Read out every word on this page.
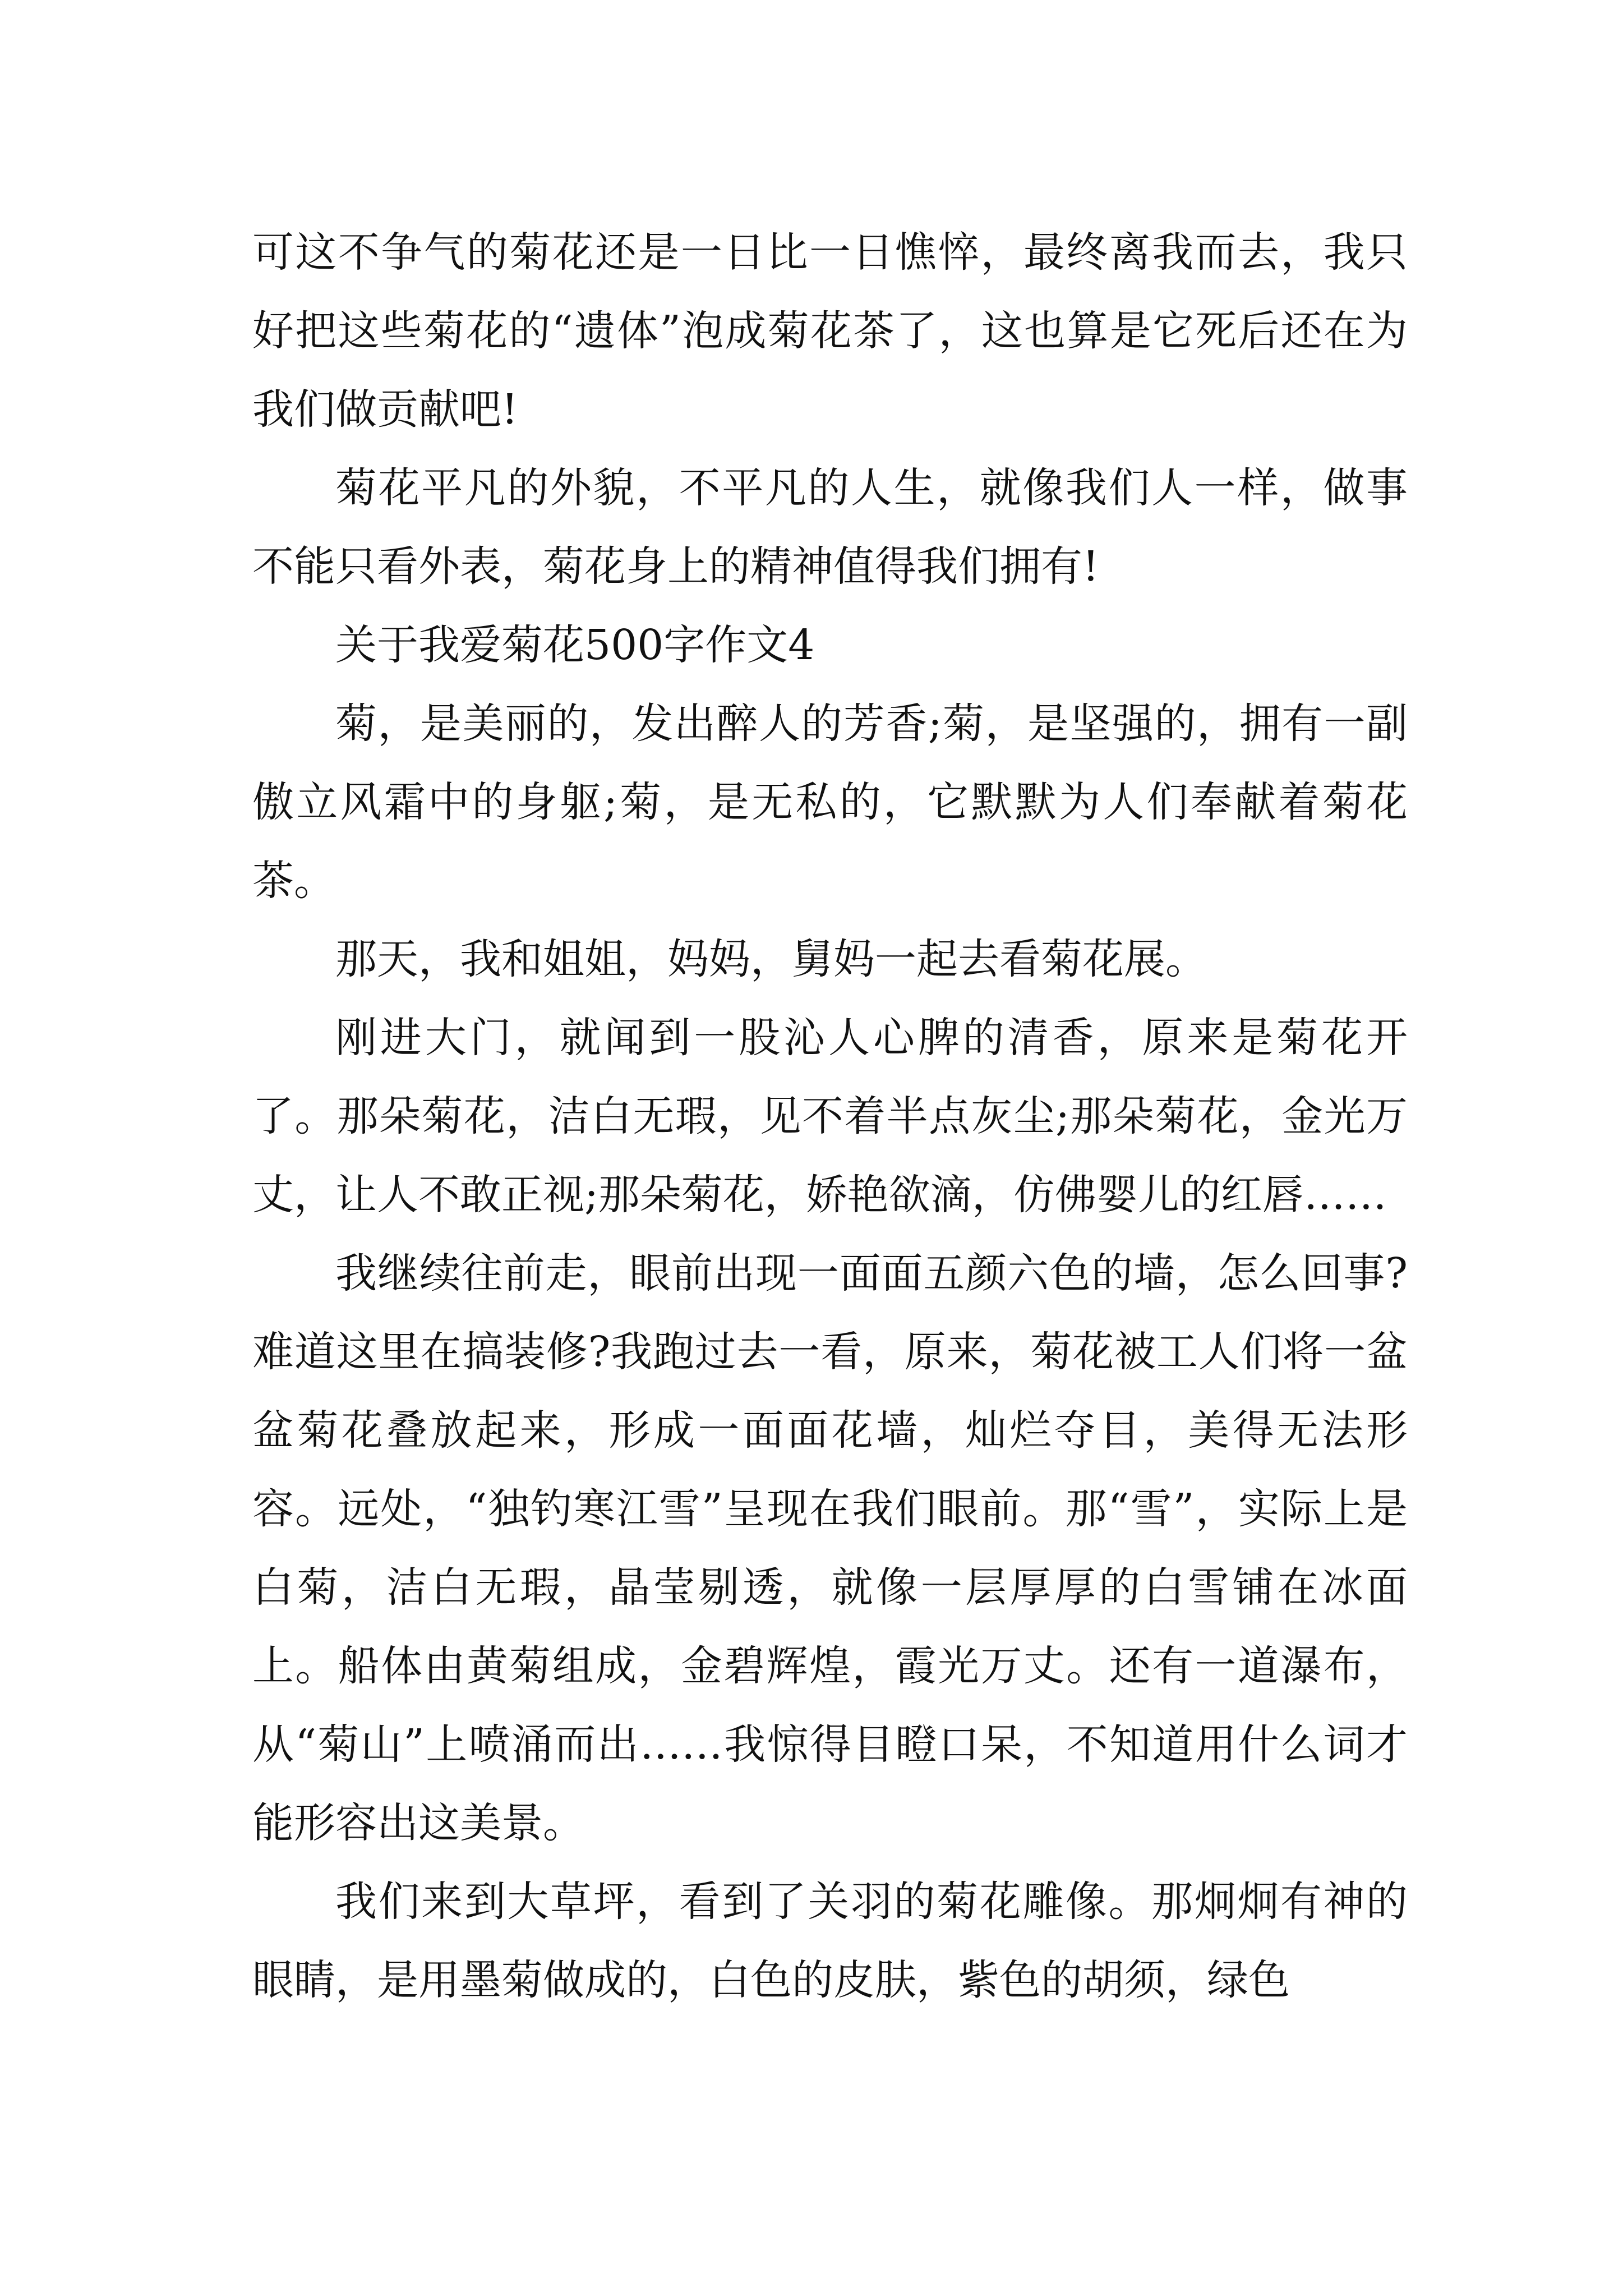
可这不争气的菊花还是一日比一日憔悴，最终离我而去，我只好把这些菊花的“遗体”泡成菊花茶了，这也算是它死后还在为我们做贡献吧!

菊花平凡的外貌，不平凡的人生，就像我们人一样，做事不能只看外表，菊花身上的精神值得我们拥有!

关于我爱菊花500字作文4

菊，是美丽的，发出醉人的芳香;菊，是坚强的，拥有一副傲立风霜中的身躯;菊，是无私的，它默默为人们奉献着菊花茶。

那天，我和姐姐，妈妈，舅妈一起去看菊花展。

刚进大门，就闻到一股沁人心脾的清香，原来是菊花开了。那朵菊花，洁白无瑕，见不着半点灰尘;那朵菊花，金光万丈，让人不敢正视;那朵菊花，娇艳欲滴，仿佛婴儿的红唇……

我继续往前走，眼前出现一面面五颜六色的墙，怎么回事?难道这里在搞装修?我跑过去一看，原来，菊花被工人们将一盆盆菊花叠放起来，形成一面面花墙，灿烂夺目，美得无法形容。远处，“独钓寒江雪”呈现在我们眼前。那“雪”，实际上是白菊，洁白无瑕，晶莹剔透，就像一层厚厚的白雪铺在冰面上。船体由黄菊组成，金碧辉煌，霞光万丈。还有一道瀑布，从“菊山”上喷涌而出……我惊得目瞪口呆，不知道用什么词才能形容出这美景。

我们来到大草坪，看到了关羽的菊花雕像。那炯炯有神的眼睛，是用墨菊做成的，白色的皮肤，紫色的胡须，绿色
